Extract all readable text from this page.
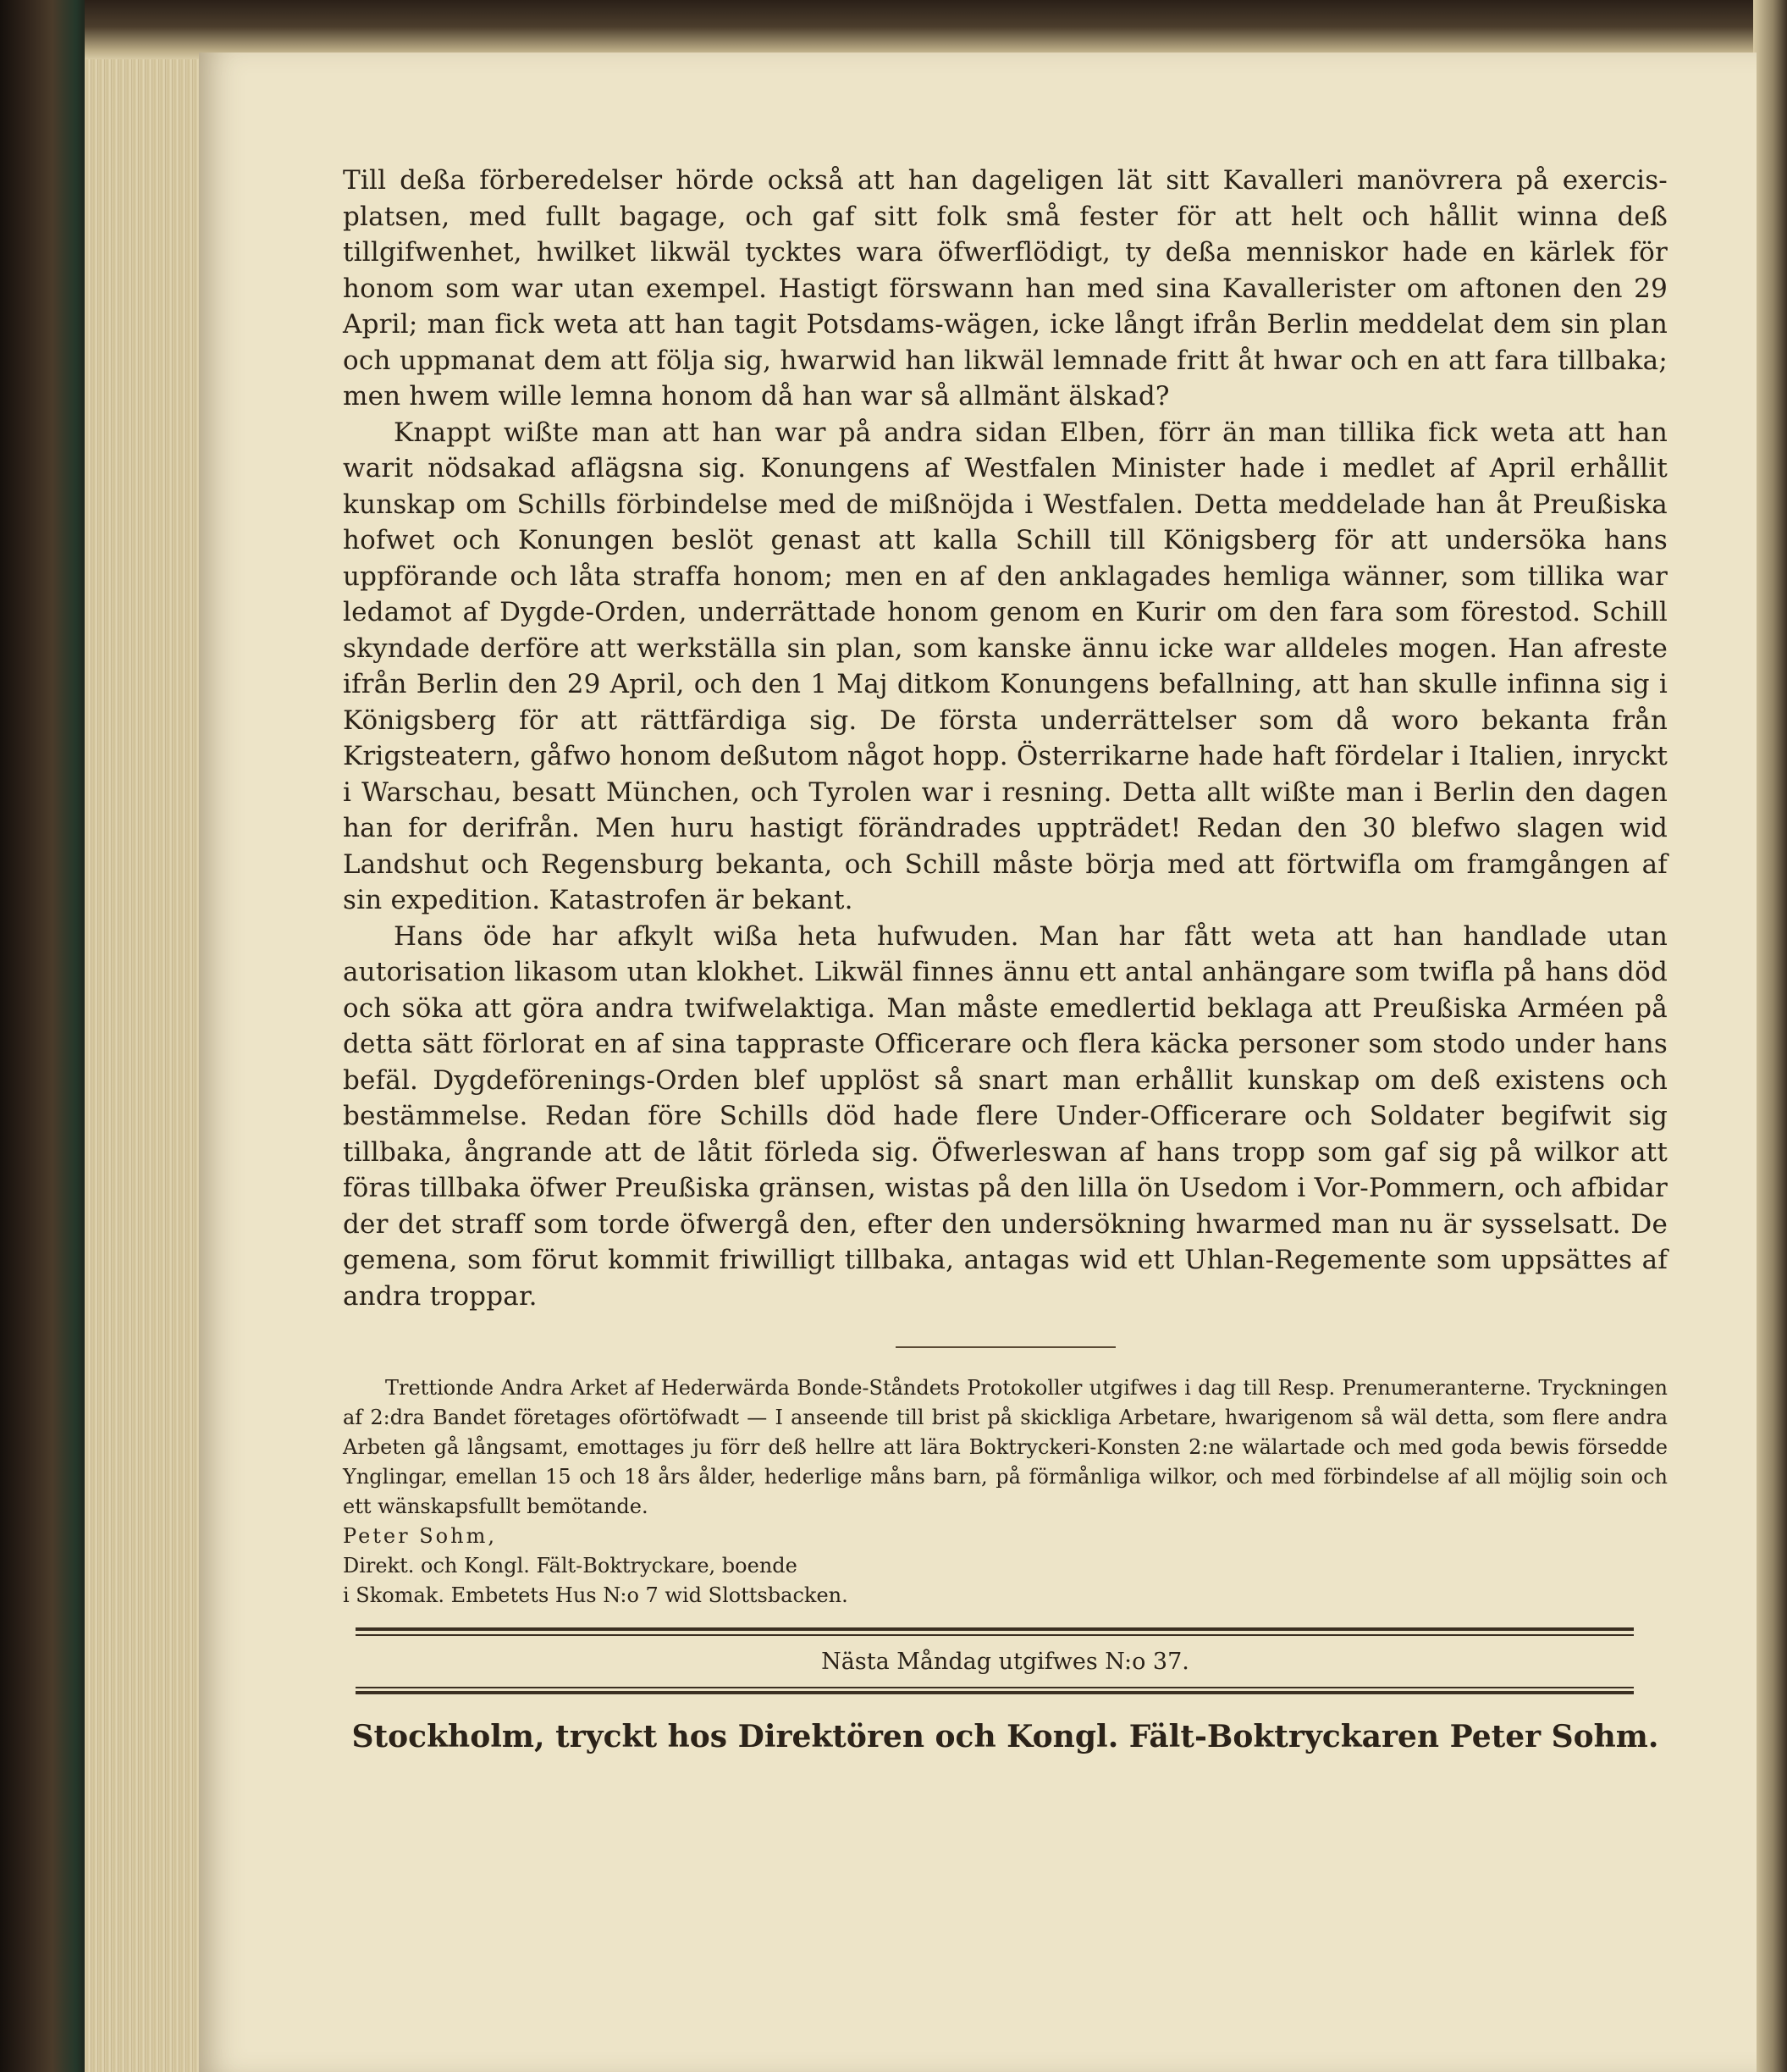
Till deßa förberedelser hörde också att han dageligen lät sitt Kavalleri manövrera på exercis-platsen, med fullt bagage, och gaf sitt folk små fester för att helt och hållit winna deß tillgifwenhet, hwilket likwäl tycktes wara öfwerflödigt, ty deßa menniskor hade en kärlek för honom som war utan exempel. Hastigt förswann han med sina Kavallerister om aftonen den 29 April; man fick weta att han tagit Potsdams-wägen, icke långt ifrån Berlin meddelat dem sin plan och uppmanat dem att följa sig, hwarwid han likwäl lemnade fritt åt hwar och en att fara tillbaka; men hwem wille lemna honom då han war så allmänt älskad?

Knappt wißte man att han war på andra sidan Elben, förr än man tillika fick weta att han warit nödsakad aflägsna sig. Konungens af Westfalen Minister hade i medlet af April erhållit kunskap om Schills förbindelse med de mißnöjda i Westfalen. Detta meddelade han åt Preußiska hofwet och Konungen beslöt genast att kalla Schill till Königsberg för att undersöka hans uppförande och låta straffa honom; men en af den anklagades hemliga wänner, som tillika war ledamot af Dygde-Orden, underrättade honom genom en Kurir om den fara som förestod. Schill skyndade derföre att werkställa sin plan, som kanske ännu icke war alldeles mogen. Han afreste ifrån Berlin den 29 April, och den 1 Maj ditkom Konungens befallning, att han skulle infinna sig i Königsberg för att rättfärdiga sig. De första underrättelser som då woro bekanta från Krigsteatern, gåfwo honom deßutom något hopp. Österrikarne hade haft fördelar i Italien, inryckt i Warschau, besatt München, och Tyrolen war i resning. Detta allt wißte man i Berlin den dagen han for derifrån. Men huru hastigt förändrades uppträdet! Redan den 30 blefwo slagen wid Landshut och Regensburg bekanta, och Schill måste börja med att förtwifla om framgången af sin expedition. Katastrofen är bekant.

Hans öde har afkylt wißa heta hufwuden. Man har fått weta att han handlade utan autorisation likasom utan klokhet. Likwäl finnes ännu ett antal anhängare som twifla på hans död och söka att göra andra twifwelaktiga. Man måste emedlertid beklaga att Preußiska Arméen på detta sätt förlorat en af sina tappraste Officerare och flera käcka personer som stodo under hans befäl. Dygdeförenings-Orden blef upplöst så snart man erhållit kunskap om deß existens och bestämmelse. Redan före Schills död hade flere Under-Officerare och Soldater begifwit sig tillbaka, ångrande att de låtit förleda sig. Öfwerleswan af hans tropp som gaf sig på wilkor att föras tillbaka öfwer Preußiska gränsen, wistas på den lilla ön Usedom i Vor-Pommern, och afbidar der det straff som torde öfwergå den, efter den undersökning hwarmed man nu är sysselsatt. De gemena, som förut kommit friwilligt tillbaka, antagas wid ett Uhlan-Regemente som uppsättes af andra troppar.

Trettionde Andra Arket af Hederwärda Bonde-Ståndets Protokoller utgifwes i dag till Resp. Prenumeranterne. Tryckningen af 2:dra Bandet företages oförtöfwadt — I anseende till brist på skickliga Arbetare, hwarigenom så wäl detta, som flere andra Arbeten gå långsamt, emottages ju förr deß hellre att lära Boktryckeri-Konsten 2:ne wälartade och med goda bewis försedde Ynglingar, emellan 15 och 18 års ålder, hederlige måns barn, på förmånliga wilkor, och med förbindelse af all möjlig soin och ett wänskapsfullt bemötande.

Peter Sohm,

Direkt. och Kongl. Fält-Boktryckare, boende

i Skomak. Embetets Hus N:o 7 wid Slottsbacken.

Nästa Måndag utgifwes N:o 37.

Stockholm, tryckt hos Direktören och Kongl. Fält-Boktryckaren Peter Sohm.
